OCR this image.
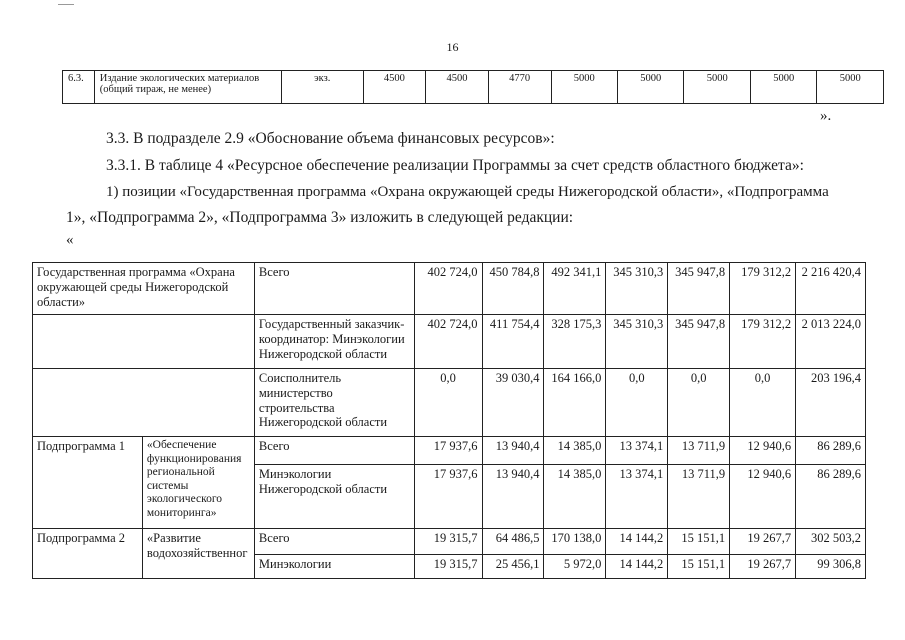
16
6.3.	Издание экологических материалов (общий тираж, не менее)	экз.	4500	4500	4770	5000	5000	5000	5000	5000
».
3.3. В подразделе 2.9 «Обоснование объема финансовых ресурсов»:
3.3.1. В таблице 4 «Ресурсное обеспечение реализации Программы за счет средств областного бюджета»:
1) позиции «Государственная программа «Охрана окружающей среды Нижегородской области», «Подпрограмма
1», «Подпрограмма 2», «Подпрограмма 3» изложить в следующей редакции:
«
Государственная программа «Охрана окружающей среды Нижегородской области»		Всего	402 724,0	450 784,8	492 341,1	345 310,3	345 947,8	179 312,2	2 216 420,4
		Государственный заказчик-координатор: Минэкологии Нижегородской области	402 724,0	411 754,4	328 175,3	345 310,3	345 947,8	179 312,2	2 013 224,0
		Соисполнитель министерство строительства Нижегородской области	0,0	39 030,4	164 166,0	0,0	0,0	0,0	203 196,4
Подпрограмма 1	«Обеспечение функционирования региональной системы экологического мониторинга»	Всего	17 937,6	13 940,4	14 385,0	13 374,1	13 711,9	12 940,6	86 289,6
		Минэкологии Нижегородской области	17 937,6	13 940,4	14 385,0	13 374,1	13 711,9	12 940,6	86 289,6
Подпрограмма 2	«Развитие водохозяйственног	Всего	19 315,7	64 486,5	170 138,0	14 144,2	15 151,1	19 267,7	302 503,2
		Минэкологии	19 315,7	25 456,1	5 972,0	14 144,2	15 151,1	19 267,7	99 306,8
